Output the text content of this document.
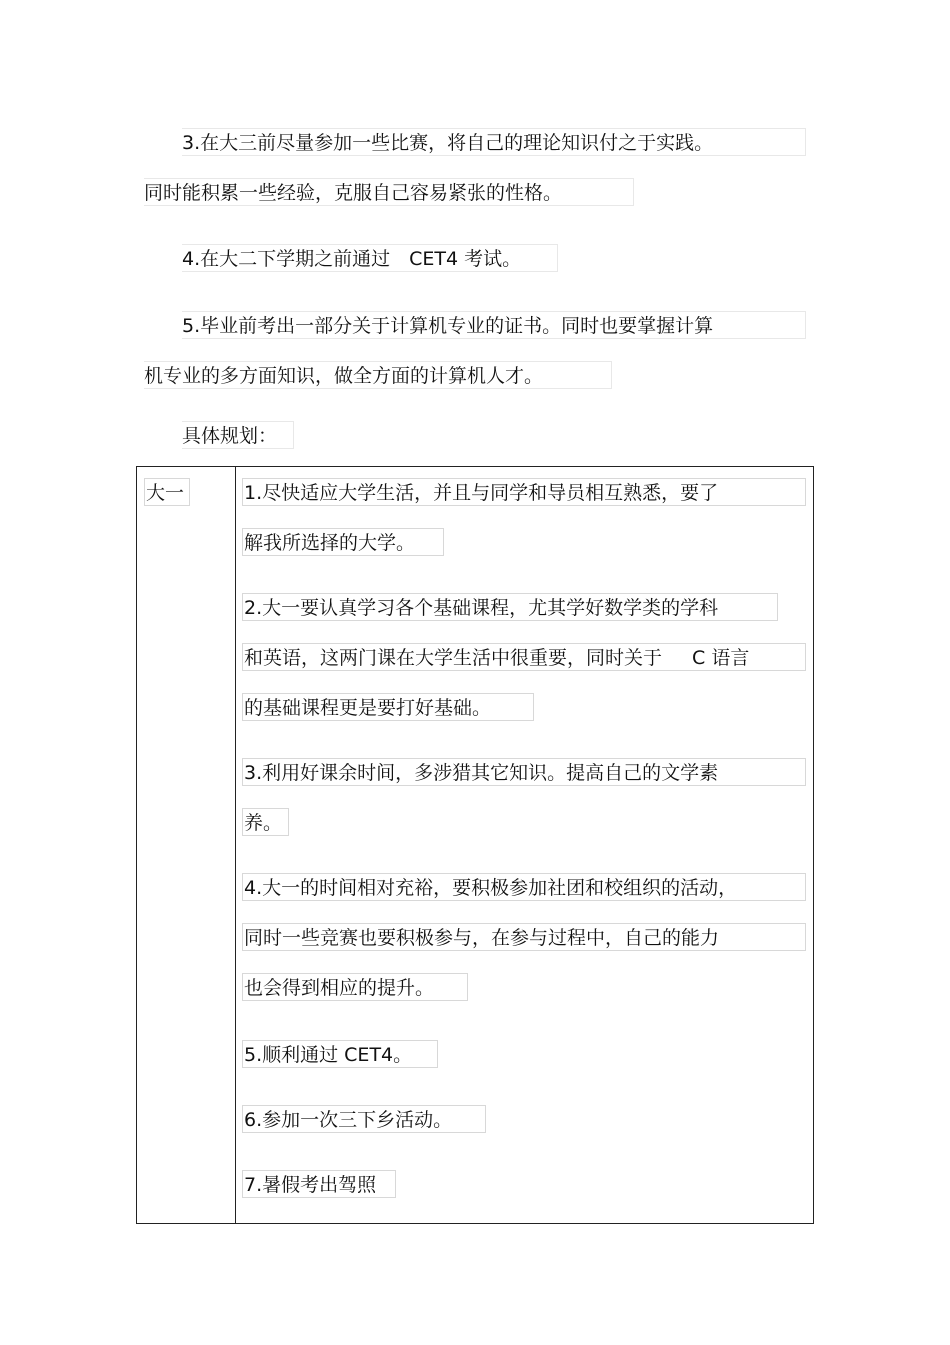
3.在大三前尽量参加一些比赛，将自己的理论知识付之于实践。
同时能积累一些经验，克服自己容易紧张的性格。
4.在大二下学期之前通过　CET4 考试。
5.毕业前考出一部分关于计算机专业的证书。同时也要掌握计算
机专业的多方面知识，做全方面的计算机人才。
具体规划：
大一	1.尽快适应大学生活，并且与同学和导员相互熟悉，要了
解我所选择的大学。
2.大一要认真学习各个基础课程，尤其学好数学类的学科
和英语，这两门课在大学生活中很重要，同时关于 C 语言
的基础课程更是要打好基础。
3.利用好课余时间，多涉猎其它知识。提高自己的文学素
养。
4.大一的时间相对充裕，要积极参加社团和校组织的活动，
同时一些竞赛也要积极参与，在参与过程中，自己的能力
也会得到相应的提升。
5.顺利通过 CET4。
6.参加一次三下乡活动。
7.暑假考出驾照
